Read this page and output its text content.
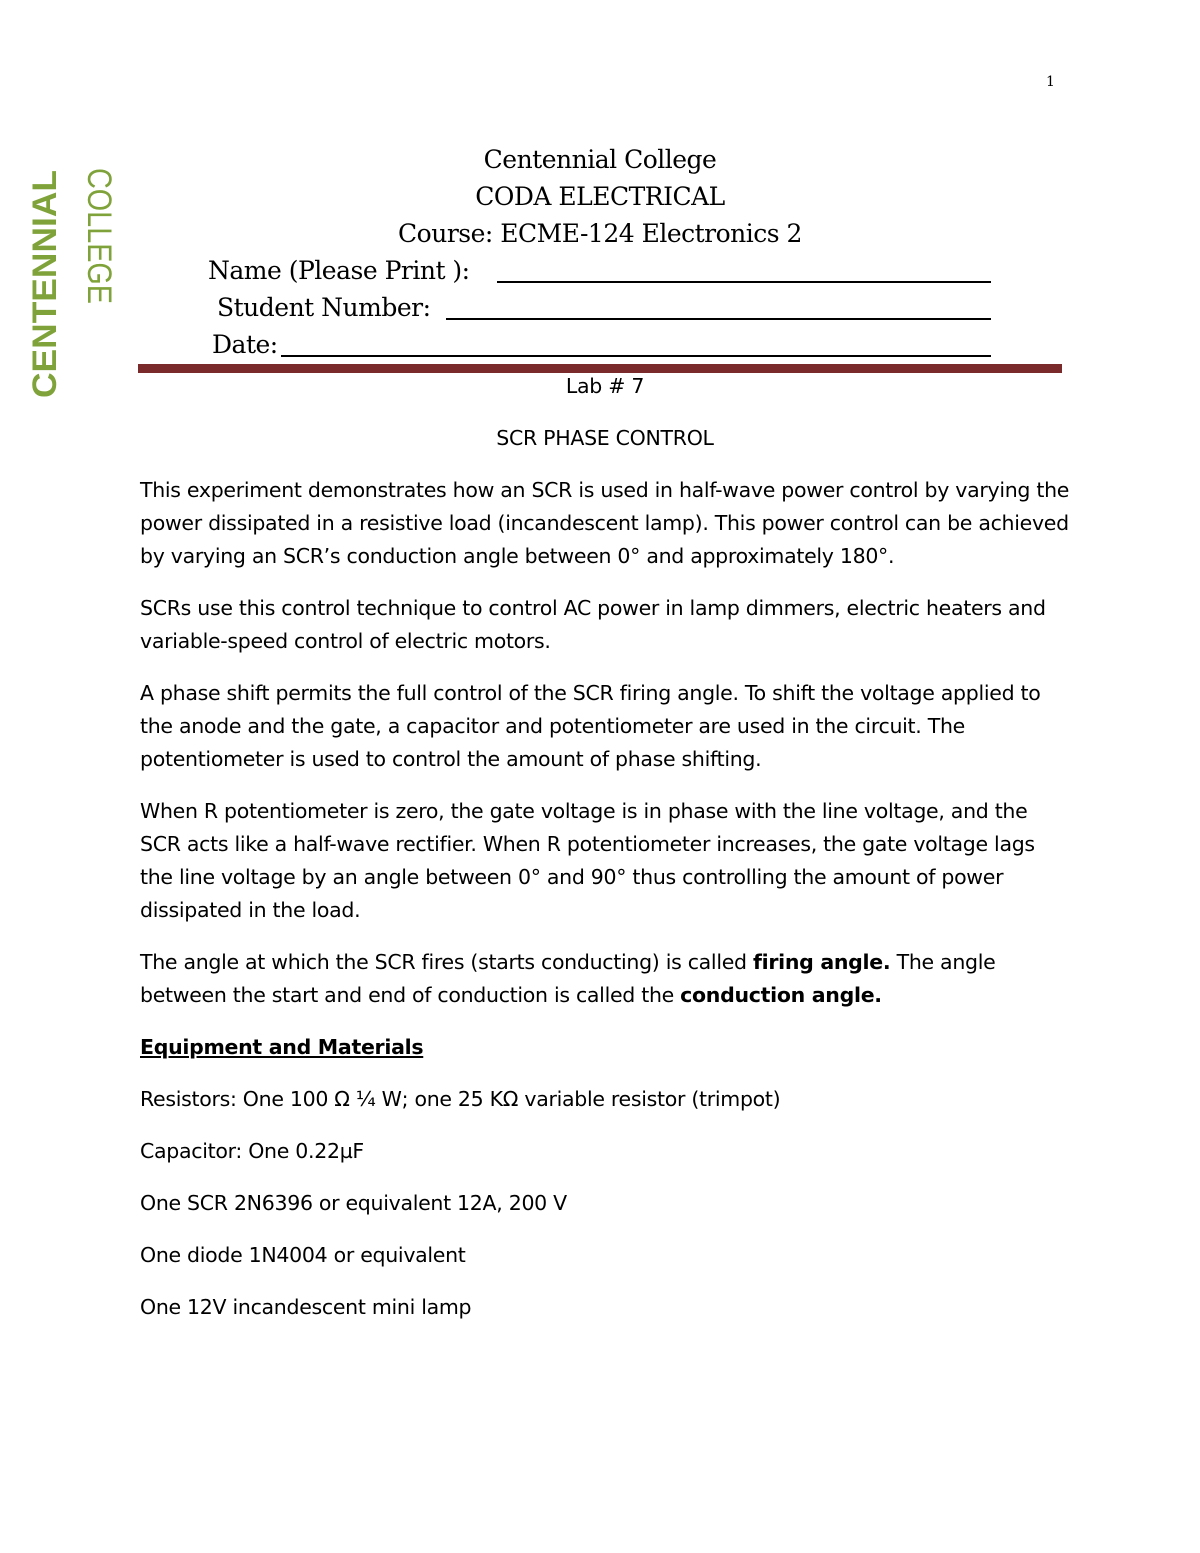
1
CENTENNIAL COLLEGE
Centennial College
CODA ELECTRICAL
Course: ECME-124 Electronics 2
Name (Please Print ):
Student Number:
Date:

Lab # 7

SCR PHASE CONTROL

This experiment demonstrates how an SCR is used in half-wave power control by varying the power dissipated in a resistive load (incandescent lamp). This power control can be achieved by varying an SCR’s conduction angle between 0° and approximately 180°.

SCRs use this control technique to control AC power in lamp dimmers, electric heaters and variable-speed control of electric motors.

A phase shift permits the full control of the SCR firing angle. To shift the voltage applied to the anode and the gate, a capacitor and potentiometer are used in the circuit. The potentiometer is used to control the amount of phase shifting.

When R potentiometer is zero, the gate voltage is in phase with the line voltage, and the SCR acts like a half-wave rectifier. When R potentiometer increases, the gate voltage lags the line voltage by an angle between 0° and 90° thus controlling the amount of power dissipated in the load.

The angle at which the SCR fires (starts conducting) is called firing angle. The angle between the start and end of conduction is called the conduction angle.

Equipment and Materials

Resistors: One 100 Ω ¼ W; one 25 KΩ variable resistor (trimpot)

Capacitor: One 0.22µF

One SCR 2N6396 or equivalent 12A, 200 V

One diode 1N4004 or equivalent

One 12V incandescent mini lamp
